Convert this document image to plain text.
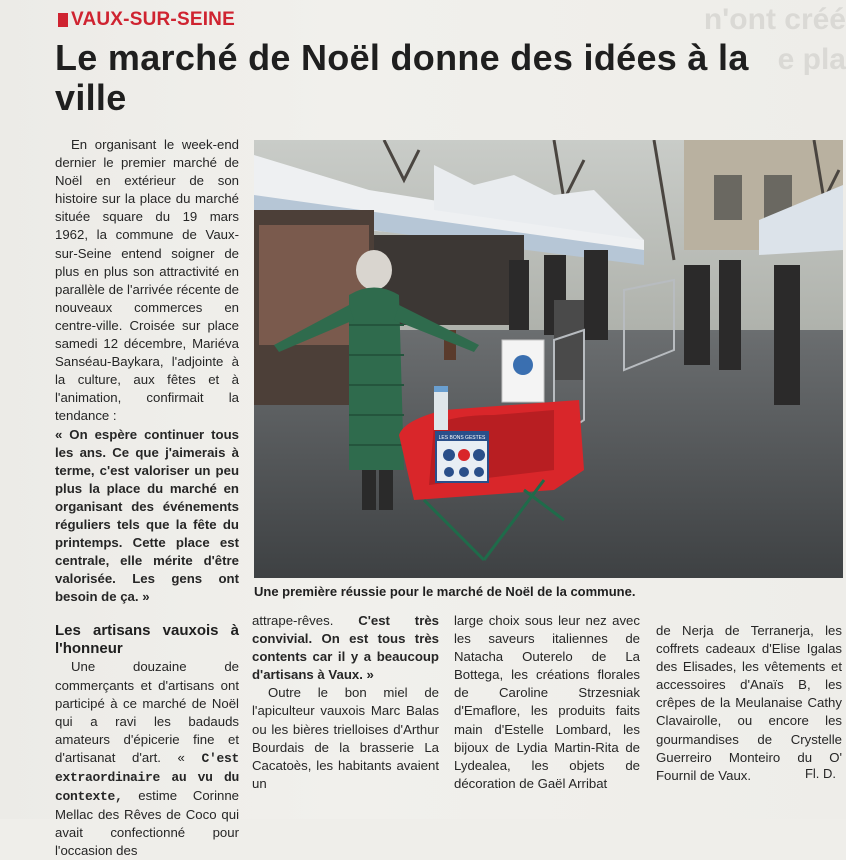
n'ont créé
e pla
VAUX-SUR-SEINE
Le marché de Noël donne des idées à la ville

En organisant le week-end dernier le premier marché de Noël en extérieur de son histoire sur la place du marché située square du 19 mars 1962, la commune de Vaux-sur-Seine entend soigner de plus en plus son attractivité en parallèle de l'arrivée récente de nouveaux commerces en centre-ville. Croisée sur place samedi 12 décembre, Mariéva Sanséau-Baykara, l'adjointe à la culture, aux fêtes et à l'animation, confirmait la tendance :

« On espère continuer tous les ans. Ce que j'aimerais à terme, c'est valoriser un peu plus la place du marché en organisant des événements réguliers tels que la fête du printemps. Cette place est centrale, elle mérite d'être valorisée. Les gens ont besoin de ça. »

Les artisans vauxois à l'honneur

Une douzaine de commerçants et d'artisans ont participé à ce marché de Noël qui a ravi les badauds amateurs d'épicerie fine et d'artisanat d'art. « C'est extraordinaire au vu du contexte, estime Corinne Mellac des Rêves de Coco qui avait confectionné pour l'occasion des

LES BONS GESTES
Une première réussie pour le marché de Noël de la commune.

attrape-rêves. C'est très convivial. On est tous très contents car il y a beaucoup d'artisans à Vaux. »

Outre le bon miel de l'apiculteur vauxois Marc Balas ou les bières trielloises d'Arthur Bourdais de la brasserie La Cacatoès, les habitants avaient un

large choix sous leur nez avec les saveurs italiennes de Natacha Outerelo de La Bottega, les créations florales de Caroline Strzesniak d'Emaflore, les produits faits main d'Estelle Lombard, les bijoux de Lydia Martin-Rita de Lydealea, les objets de décoration de Gaël Arribat

de Nerja de Terranerja, les coffrets cadeaux d'Elise Igalas des Elisades, les vêtements et accessoires d'Anaïs B, les crêpes de la Meulanaise Cathy Clavairolle, ou encore les gourmandises de Crystelle Guerreiro Monteiro du O' Fournil de Vaux.	Fl. D.
